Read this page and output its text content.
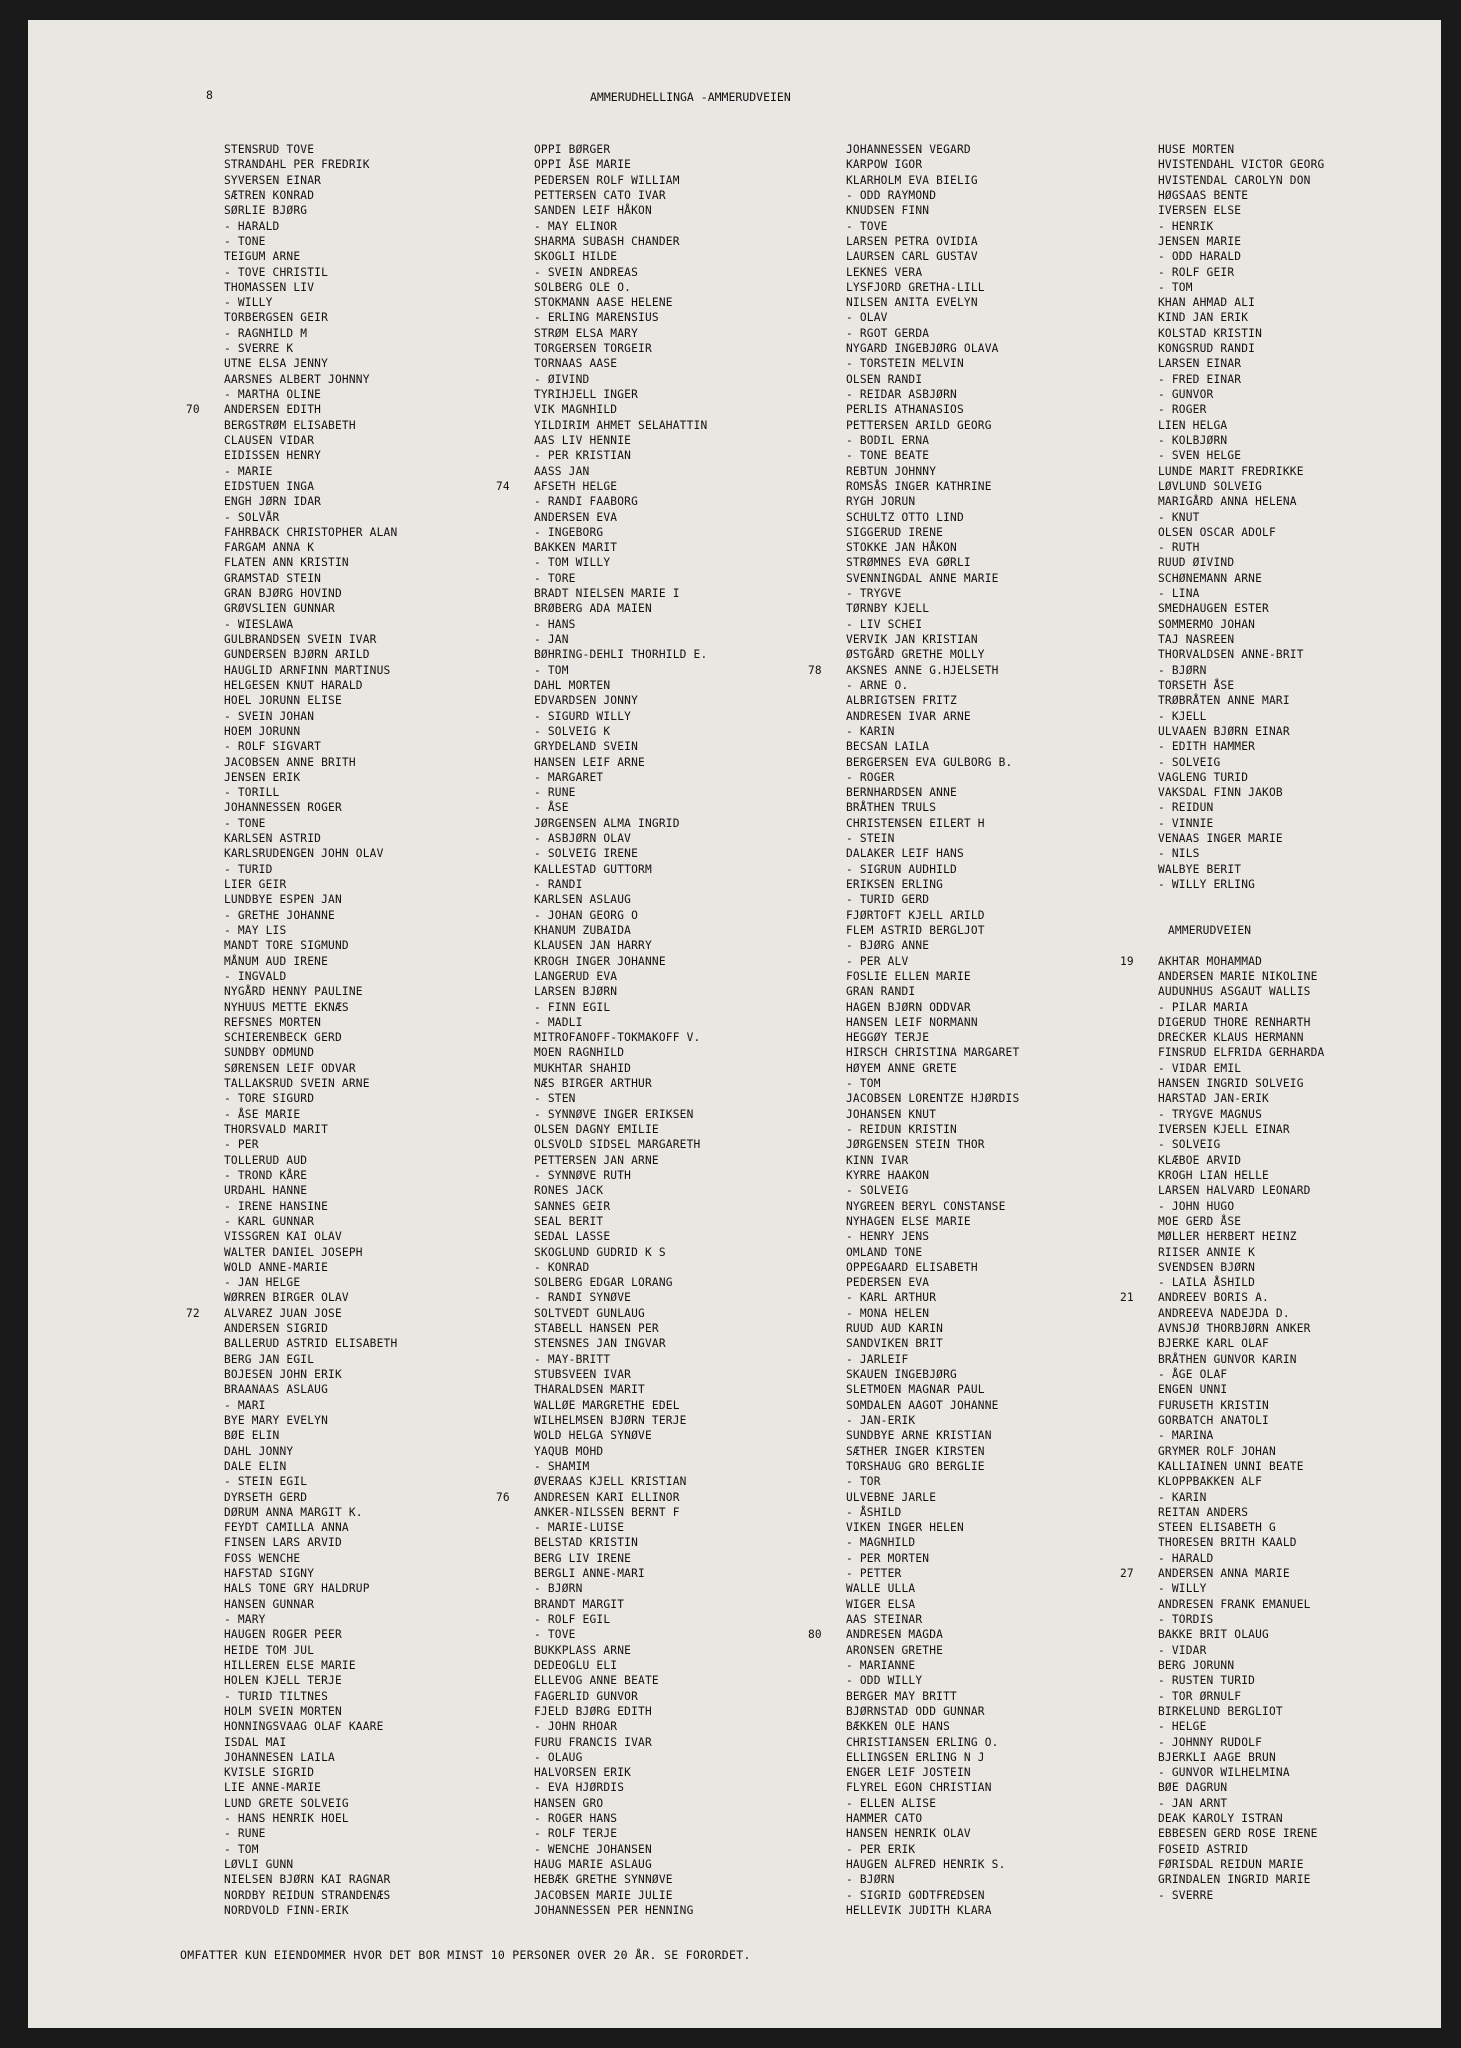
8	AMMERUDHELLINGA -AMMERUDVEIEN
STENSRUD TOVE
STRANDAHL PER FREDRIK
SYVERSEN EINAR
SÆTREN KONRAD
SØRLIE BJØRG
- HARALD
- TONE
TEIGUM ARNE
- TOVE CHRISTIL
THOMASSEN LIV
- WILLY
TORBERGSEN GEIR
- RAGNHILD M
- SVERRE K
UTNE ELSA JENNY
AARSNES ALBERT JOHNNY
- MARTHA OLINE
70 ANDERSEN EDITH
BERGSTRØM ELISABETH
CLAUSEN VIDAR
EIDISSEN HENRY
- MARIE
EIDSTUEN INGA
ENGH JØRN IDAR
- SOLVÅR
FAHRBACK CHRISTOPHER ALAN
FARGAM ANNA K
FLATEN ANN KRISTIN
GRAMSTAD STEIN
GRAN BJØRG HOVIND
GRØVSLIEN GUNNAR
- WIESLAWA
GULBRANDSEN SVEIN IVAR
GUNDERSEN BJØRN ARILD
HAUGLID ARNFINN MARTINUS
HELGESEN KNUT HARALD
HOEL JORUNN ELISE
- SVEIN JOHAN
HOEM JORUNN
- ROLF SIGVART
JACOBSEN ANNE BRITH
JENSEN ERIK
- TORILL
JOHANNESSEN ROGER
- TONE
KARLSEN ASTRID
KARLSRUDENGEN JOHN OLAV
- TURID
LIER GEIR
LUNDBYE ESPEN JAN
- GRETHE JOHANNE
- MAY LIS
MANDT TORE SIGMUND
MÅNUM AUD IRENE
- INGVALD
NYGÅRD HENNY PAULINE
NYHUUS METTE EKNÆS
REFSNES MORTEN
SCHIERENBECK GERD
SUNDBY ODMUND
SØRENSEN LEIF ODVAR
TALLAKSRUD SVEIN ARNE
- TORE SIGURD
- ÅSE MARIE
THORSVALD MARIT
- PER
TOLLERUD AUD
- TROND KÅRE
URDAHL HANNE
- IRENE HANSINE
- KARL GUNNAR
VISSGREN KAI OLAV
WALTER DANIEL JOSEPH
WOLD ANNE-MARIE
- JAN HELGE
WØRREN BIRGER OLAV
72 ALVAREZ JUAN JOSE
ANDERSEN SIGRID
BALLERUD ASTRID ELISABETH
BERG JAN EGIL
BOJESEN JOHN ERIK
BRAANAAS ASLAUG
- MARI
BYE MARY EVELYN
BØE ELIN
DAHL JONNY
DALE ELIN
- STEIN EGIL
DYRSETH GERD
DØRUM ANNA MARGIT K.
FEYDT CAMILLA ANNA
FINSEN LARS ARVID
FOSS WENCHE
HAFSTAD SIGNY
HALS TONE GRY HALDRUP
HANSEN GUNNAR
- MARY
HAUGEN ROGER PEER
HEIDE TOM JUL
HILLEREN ELSE MARIE
HOLEN KJELL TERJE
- TURID TILTNES
HOLM SVEIN MORTEN
HONNINGSVAAG OLAF KAARE
ISDAL MAI
JOHANNESEN LAILA
KVISLE SIGRID
LIE ANNE-MARIE
LUND GRETE SOLVEIG
- HANS HENRIK HOEL
- RUNE
- TOM
LØVLI GUNN
NIELSEN BJØRN KAI RAGNAR
NORDBY REIDUN STRANDENÆS
NORDVOLD FINN-ERIK
OPPI BØRGER
OPPI ÅSE MARIE
PEDERSEN ROLF WILLIAM
PETTERSEN CATO IVAR
SANDEN LEIF HÅKON
- MAY ELINOR
SHARMA SUBASH CHANDER
SKOGLI HILDE
- SVEIN ANDREAS
SOLBERG OLE O.
STOKMANN AASE HELENE
- ERLING MARENSIUS
STRØM ELSA MARY
TORGERSEN TORGEIR
TORNAAS AASE
- ØIVIND
TYRIHJELL INGER
VIK MAGNHILD
YILDIRIM AHMET SELAHATTIN
AAS LIV HENNIE
- PER KRISTIAN
AASS JAN
74 AFSETH HELGE
- RANDI FAABORG
ANDERSEN EVA
- INGEBORG
BAKKEN MARIT
- TOM WILLY
- TORE
BRADT NIELSEN MARIE I
BRØBERG ADA MAIEN
- HANS
- JAN
BØHRING-DEHLI THORHILD E.
- TOM
DAHL MORTEN
EDVARDSEN JONNY
- SIGURD WILLY
- SOLVEIG K
GRYDELAND SVEIN
HANSEN LEIF ARNE
- MARGARET
- RUNE
- ÅSE
JØRGENSEN ALMA INGRID
- ASBJØRN OLAV
- SOLVEIG IRENE
KALLESTAD GUTTORM
- RANDI
KARLSEN ASLAUG
- JOHAN GEORG O
KHANUM ZUBAIDA
KLAUSEN JAN HARRY
KROGH INGER JOHANNE
LANGERUD EVA
LARSEN BJØRN
- FINN EGIL
- MADLI
MITROFANOFF-TOKMAKOFF V.
MOEN RAGNHILD
MUKHTAR SHAHID
NÆS BIRGER ARTHUR
- STEN
- SYNNØVE INGER ERIKSEN
OLSEN DAGNY EMILIE
OLSVOLD SIDSEL MARGARETH
PETTERSEN JAN ARNE
- SYNNØVE RUTH
RONES JACK
SANNES GEIR
SEAL BERIT
SEDAL LASSE
SKOGLUND GUDRID K S
- KONRAD
SOLBERG EDGAR LORANG
- RANDI SYNØVE
SOLTVEDT GUNLAUG
STABELL HANSEN PER
STENSNES JAN INGVAR
- MAY-BRITT
STUBSVEEN IVAR
THARALDSEN MARIT
WALLØE MARGRETHE EDEL
WILHELMSEN BJØRN TERJE
WOLD HELGA SYNØVE
YAQUB MOHD
- SHAMIM
ØVERAAS KJELL KRISTIAN
76 ANDRESEN KARI ELLINOR
ANKER-NILSSEN BERNT F
- MARIE-LUISE
BELSTAD KRISTIN
BERG LIV IRENE
BERGLI ANNE-MARI
- BJØRN
BRANDT MARGIT
- ROLF EGIL
- TOVE
BUKKPLASS ARNE
DEDEOGLU ELI
ELLEVOG ANNE BEATE
FAGERLID GUNVOR
FJELD BJØRG EDITH
- JOHN RHOAR
FURU FRANCIS IVAR
- OLAUG
HALVORSEN ERIK
- EVA HJØRDIS
HANSEN GRO
- ROGER HANS
- ROLF TERJE
- WENCHE JOHANSEN
HAUG MARIE ASLAUG
HEBÆK GRETHE SYNNØVE
JACOBSEN MARIE JULIE
JOHANNESSEN PER HENNING
JOHANNESSEN VEGARD
KARPOW IGOR
KLARHOLM EVA BIELIG
- ODD RAYMOND
KNUDSEN FINN
- TOVE
LARSEN PETRA OVIDIA
LAURSEN CARL GUSTAV
LEKNES VERA
LYSFJORD GRETHA-LILL
NILSEN ANITA EVELYN
- OLAV
- RGOT GERDA
NYGARD INGEBJØRG OLAVA
- TORSTEIN MELVIN
OLSEN RANDI
- REIDAR ASBJØRN
PERLIS ATHANASIOS
PETTERSEN ARILD GEORG
- BODIL ERNA
- TONE BEATE
REBTUN JOHNNY
ROMSÅS INGER KATHRINE
RYGH JORUN
SCHULTZ OTTO LIND
SIGGERUD IRENE
STOKKE JAN HÅKON
STRØMNES EVA GØRLI
SVENNINGDAL ANNE MARIE
- TRYGVE
TØRNBY KJELL
- LIV SCHEI
VERVIK JAN KRISTIAN
ØSTGÅRD GRETHE MOLLY
78 AKSNES ANNE G.HJELSETH
- ARNE O.
ALBRIGTSEN FRITZ
ANDRESEN IVAR ARNE
- KARIN
BECSAN LAILA
BERGERSEN EVA GULBORG B.
- ROGER
BERNHARDSEN ANNE
BRÅTHEN TRULS
CHRISTENSEN EILERT H
- STEIN
DALAKER LEIF HANS
- SIGRUN AUDHILD
ERIKSEN ERLING
- TURID GERD
FJØRTOFT KJELL ARILD
FLEM ASTRID BERGLJOT
- BJØRG ANNE
- PER ALV
FOSLIE ELLEN MARIE
GRAN RANDI
HAGEN BJØRN ODDVAR
HANSEN LEIF NORMANN
HEGGØY TERJE
HIRSCH CHRISTINA MARGARET
HØYEM ANNE GRETE
- TOM
JACOBSEN LORENTZE HJØRDIS
JOHANSEN KNUT
- REIDUN KRISTIN
JØRGENSEN STEIN THOR
KINN IVAR
KYRRE HAAKON
- SOLVEIG
NYGREEN BERYL CONSTANSE
NYHAGEN ELSE MARIE
- HENRY JENS
OMLAND TONE
OPPEGAARD ELISABETH
PEDERSEN EVA
- KARL ARTHUR
- MONA HELEN
RUUD AUD KARIN
SANDVIKEN BRIT
- JARLEIF
SKAUEN INGEBJØRG
SLETMOEN MAGNAR PAUL
SOMDALEN AAGOT JOHANNE
- JAN-ERIK
SUNDBYE ARNE KRISTIAN
SÆTHER INGER KIRSTEN
TORSHAUG GRO BERGLIE
- TOR
ULVEBNE JARLE
- ÅSHILD
VIKEN INGER HELEN
- MAGNHILD
- PER MORTEN
- PETTER
WALLE ULLA
WIGER ELSA
AAS STEINAR
80 ANDRESEN MAGDA
ARONSEN GRETHE
- MARIANNE
- ODD WILLY
BERGER MAY BRITT
BJØRNSTAD ODD GUNNAR
BÆKKEN OLE HANS
CHRISTIANSEN ERLING O.
ELLINGSEN ERLING N J
ENGER LEIF JOSTEIN
FLYREL EGON CHRISTIAN
- ELLEN ALISE
HAMMER CATO
HANSEN HENRIK OLAV
- PER ERIK
HAUGEN ALFRED HENRIK S.
- BJØRN
- SIGRID GODTFREDSEN
HELLEVIK JUDITH KLARA
HUSE MORTEN
HVISTENDAHL VICTOR GEORG
HVISTENDAL CAROLYN DON
HØGSAAS BENTE
IVERSEN ELSE
- HENRIK
JENSEN MARIE
- ODD HARALD
- ROLF GEIR
- TOM
KHAN AHMAD ALI
KIND JAN ERIK
KOLSTAD KRISTIN
KONGSRUD RANDI
LARSEN EINAR
- FRED EINAR
- GUNVOR
- ROGER
LIEN HELGA
- KOLBJØRN
- SVEN HELGE
LUNDE MARIT FREDRIKKE
LØVLUND SOLVEIG
MARIGÅRD ANNA HELENA
- KNUT
OLSEN OSCAR ADOLF
- RUTH
RUUD ØIVIND
SCHØNEMANN ARNE
- LINA
SMEDHAUGEN ESTER
SOMMERMO JOHAN
TAJ NASREEN
THORVALDSEN ANNE-BRIT
- BJØRN
TORSETH ÅSE
TRØBRÅTEN ANNE MARI
- KJELL
ULVAAEN BJØRN EINAR
- EDITH HAMMER
- SOLVEIG
VAGLENG TURID
VAKSDAL FINN JAKOB
- REIDUN
- VINNIE
VENAAS INGER MARIE
- NILS
WALBYE BERIT
- WILLY ERLING
AMMERUDVEIEN
19 AKHTAR MOHAMMAD
ANDERSEN MARIE NIKOLINE
AUDUNHUS ASGAUT WALLIS
- PILAR MARIA
DIGERUD THORE RENHARTH
DRECKER KLAUS HERMANN
FINSRUD ELFRIDA GERHARDA
- VIDAR EMIL
HANSEN INGRID SOLVEIG
HARSTAD JAN-ERIK
- TRYGVE MAGNUS
IVERSEN KJELL EINAR
- SOLVEIG
KLÆBOE ARVID
KROGH LIAN HELLE
LARSEN HALVARD LEONARD
- JOHN HUGO
MOE GERD ÅSE
MØLLER HERBERT HEINZ
RIISER ANNIE K
SVENDSEN BJØRN
- LAILA ÅSHILD
21 ANDREEV BORIS A.
ANDREEVA NADEJDA D.
AVNSJØ THORBJØRN ANKER
BJERKE KARL OLAF
BRÅTHEN GUNVOR KARIN
- ÅGE OLAF
ENGEN UNNI
FURUSETH KRISTIN
GORBATCH ANATOLI
- MARINA
GRYMER ROLF JOHAN
KALLIAINEN UNNI BEATE
KLOPPBAKKEN ALF
- KARIN
REITAN ANDERS
STEEN ELISABETH G
THORESEN BRITH KAALD
- HARALD
27 ANDERSEN ANNA MARIE
- WILLY
ANDRESEN FRANK EMANUEL
- TORDIS
BAKKE BRIT OLAUG
- VIDAR
BERG JORUNN
- RUSTEN TURID
- TOR ØRNULF
BIRKELUND BERGLIOT
- HELGE
- JOHNNY RUDOLF
BJERKLI AAGE BRUN
- GUNVOR WILHELMINA
BØE DAGRUN
- JAN ARNT
DEAK KAROLY ISTRAN
EBBESEN GERD ROSE IRENE
FOSEID ASTRID
FØRISDAL REIDUN MARIE
GRINDALEN INGRID MARIE
- SVERRE
OMFATTER KUN EIENDOMMER HVOR DET BOR MINST 10 PERSONER OVER 20 ÅR. SE FORORDET.
